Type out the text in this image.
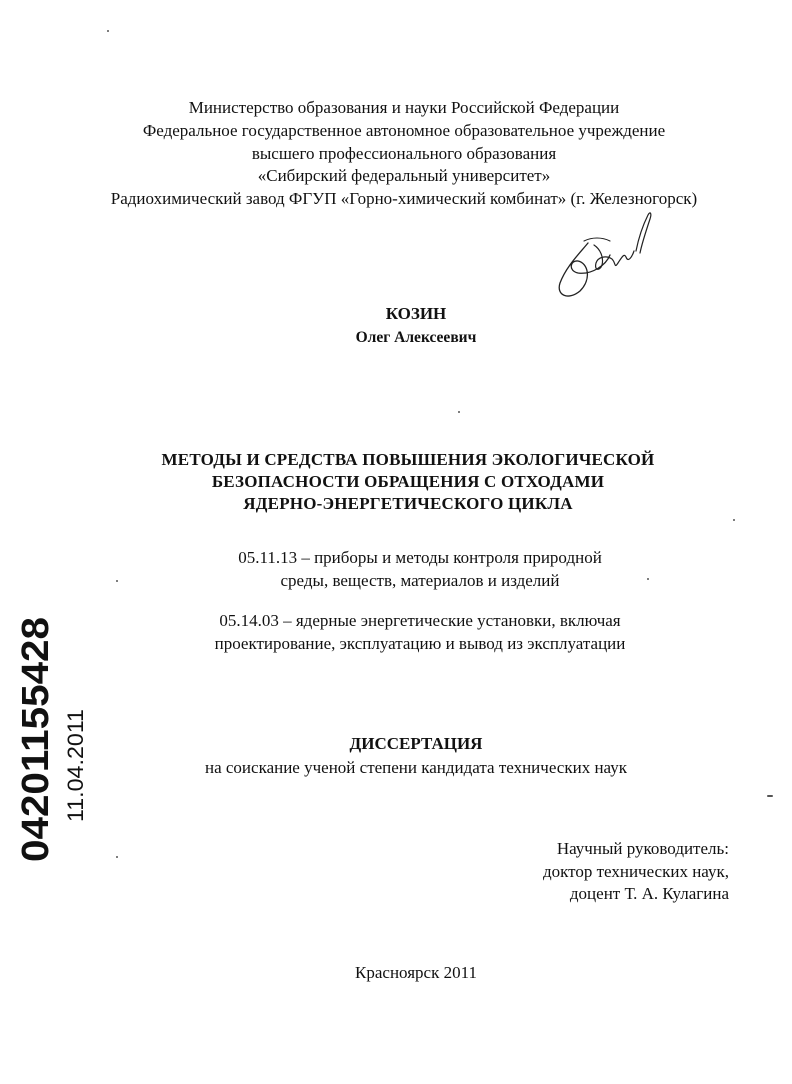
Министерство образования и науки Российской Федерации
Федеральное государственное автономное образовательное учреждение
высшего профессионального образования
«Сибирский федеральный университет»
Радиохимический завод ФГУП «Горно-химический комбинат» (г. Железногорск)
КОЗИН
Олег Алексеевич
МЕТОДЫ И СРЕДСТВА ПОВЫШЕНИЯ ЭКОЛОГИЧЕСКОЙ
БЕЗОПАСНОСТИ ОБРАЩЕНИЯ С ОТХОДАМИ
ЯДЕРНО-ЭНЕРГЕТИЧЕСКОГО ЦИКЛА
05.11.13 – приборы и методы контроля природной
среды, веществ, материалов и изделий
05.14.03 – ядерные энергетические установки, включая
проектирование, эксплуатацию и вывод из эксплуатации
ДИССЕРТАЦИЯ
на соискание ученой степени кандидата технических наук
Научный руководитель:
доктор технических наук,
доцент Т. А. Кулагина
Красноярск 2011
04201155428 11.04.2011
